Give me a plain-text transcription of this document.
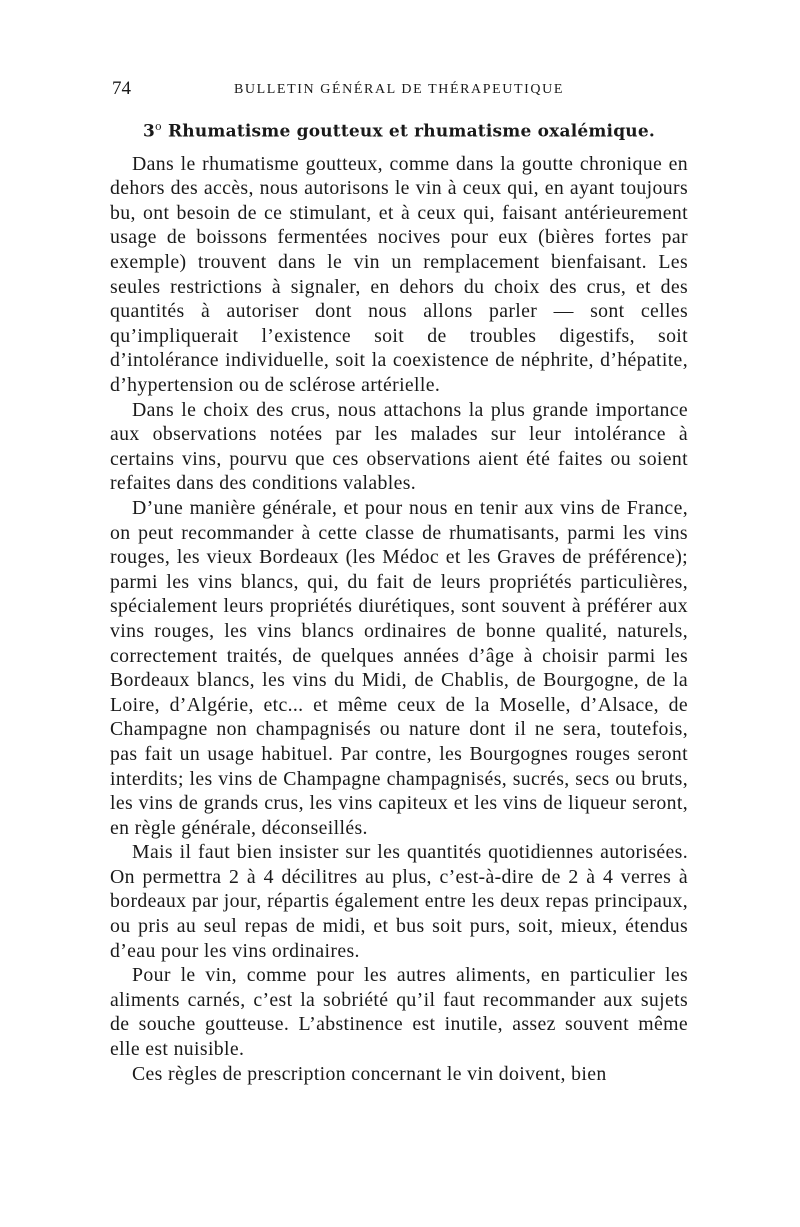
74	BULLETIN GÉNÉRAL DE THÉRAPEUTIQUE
3$^o$ Rhumatisme goutteux et rhumatisme oxalémique.

Dans le rhumatisme goutteux, comme dans la goutte chronique en dehors des accès, nous autorisons le vin à ceux qui, en ayant toujours bu, ont besoin de ce stimulant, et à ceux qui, faisant antérieurement usage de boissons fermentées nocives pour eux (bières fortes par exemple) trouvent dans le vin un remplacement bienfaisant. Les seules restrictions à signaler, en dehors du choix des crus, et des quantités à autoriser dont nous allons parler — sont celles qu’impliquerait l’existence soit de troubles digestifs, soit d’intolérance individuelle, soit la coexistence de néphrite, d’hépatite, d’hypertension ou de sclérose artérielle.

Dans le choix des crus, nous attachons la plus grande importance aux observations notées par les malades sur leur intolérance à certains vins, pourvu que ces observations aient été faites ou soient refaites dans des conditions valables.

D’une manière générale, et pour nous en tenir aux vins de France, on peut recommander à cette classe de rhumatisants, parmi les vins rouges, les vieux Bordeaux (les Médoc et les Graves de préférence); parmi les vins blancs, qui, du fait de leurs propriétés particulières, spécialement leurs propriétés diurétiques, sont souvent à préférer aux vins rouges, les vins blancs ordinaires de bonne qualité, naturels, correctement traités, de quelques années d’âge à choisir parmi les Bordeaux blancs, les vins du Midi, de Chablis, de Bourgogne, de la Loire, d’Algérie, etc... et même ceux de la Moselle, d’Alsace, de Champagne non champagnisés ou nature dont il ne sera, toutefois, pas fait un usage habituel. Par contre, les Bourgognes rouges seront interdits; les vins de Champagne champagnisés, sucrés, secs ou bruts, les vins de grands crus, les vins capiteux et les vins de liqueur seront, en règle générale, déconseillés.

Mais il faut bien insister sur les quantités quotidiennes autorisées. On permettra 2 à 4 décilitres au plus, c’est-à-dire de 2 à 4 verres à bordeaux par jour, répartis également entre les deux repas principaux, ou pris au seul repas de midi, et bus soit purs, soit, mieux, étendus d’eau pour les vins ordinaires.

Pour le vin, comme pour les autres aliments, en particulier les aliments carnés, c’est la sobriété qu’il faut recommander aux sujets de souche goutteuse. L’abstinence est inutile, assez souvent même elle est nuisible.

Ces règles de prescription concernant le vin doivent, bien
